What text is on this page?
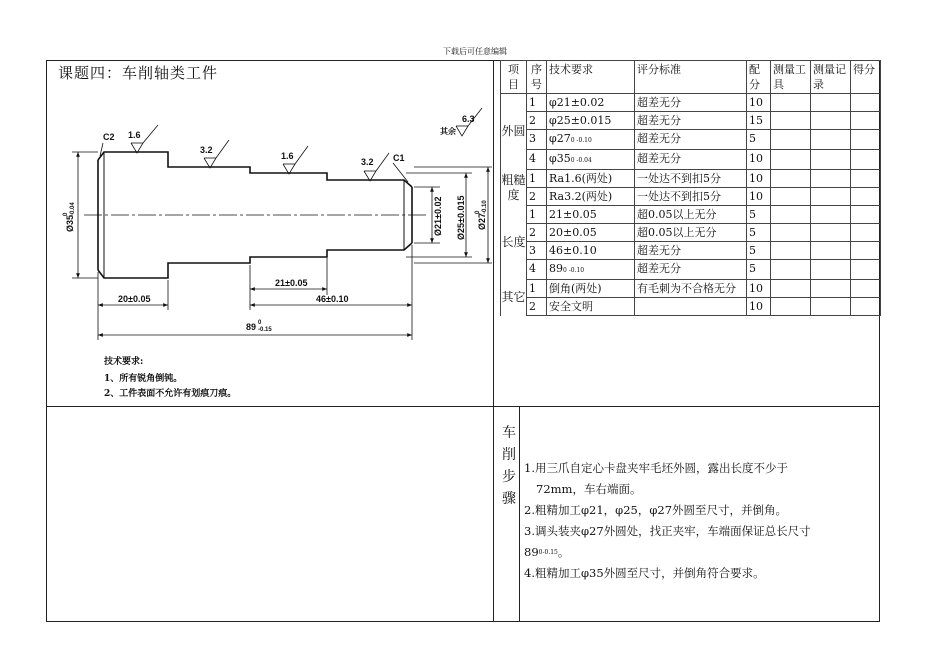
下载后可任意编辑
课题四：车削轴类工件
C2 1.6
3.2
1.6
3.2 C1
其余
6.3
21±0.05
20±0.05	46±0.10
89 0
-0.15
Ø35
0 -0.04	Ø21±0.02 Ø25±0.015 Ø27
0 -0.10
技术要求:
1、所有锐角倒钝。
2、工件表面不允许有划痕刀痕。
项目	序号	技术要求	评分标准	配分	测量工具	测量记录	得分
外圆	1	φ21±0.02	超差无分	10			
	2	φ25±0.015	超差无分	15			
	3	φ270 -0.10	超差无分	5			
	4	φ350 -0.04	超差无分	10			
粗糙度	1	Ra1.6(两处)	一处达不到扣5分	10			
	2	Ra3.2(两处)	一处达不到扣5分	10			
长度	1	21±0.05	超0.05以上无分	5			
	2	20±0.05	超0.05以上无分	5			
	3	46±0.10	超差无分	5			
	4	890 -0.10	超差无分	5			
其它	1	倒角(两处)	有毛刺为不合格无分	10			
	2	安全文明		10			
车削步骤
1.用三爪自定心卡盘夹牢毛坯外圆，露出长度不少于
72mm，车右端面。
2.粗精加工φ21，φ25，φ27外圆至尺寸，并倒角。
3.调头装夹φ27外圆处，找正夹牢，车端面保证总长尺寸
$89^0-0.15$。
4.粗精加工φ35外圆至尺寸，并倒角符合要求。
